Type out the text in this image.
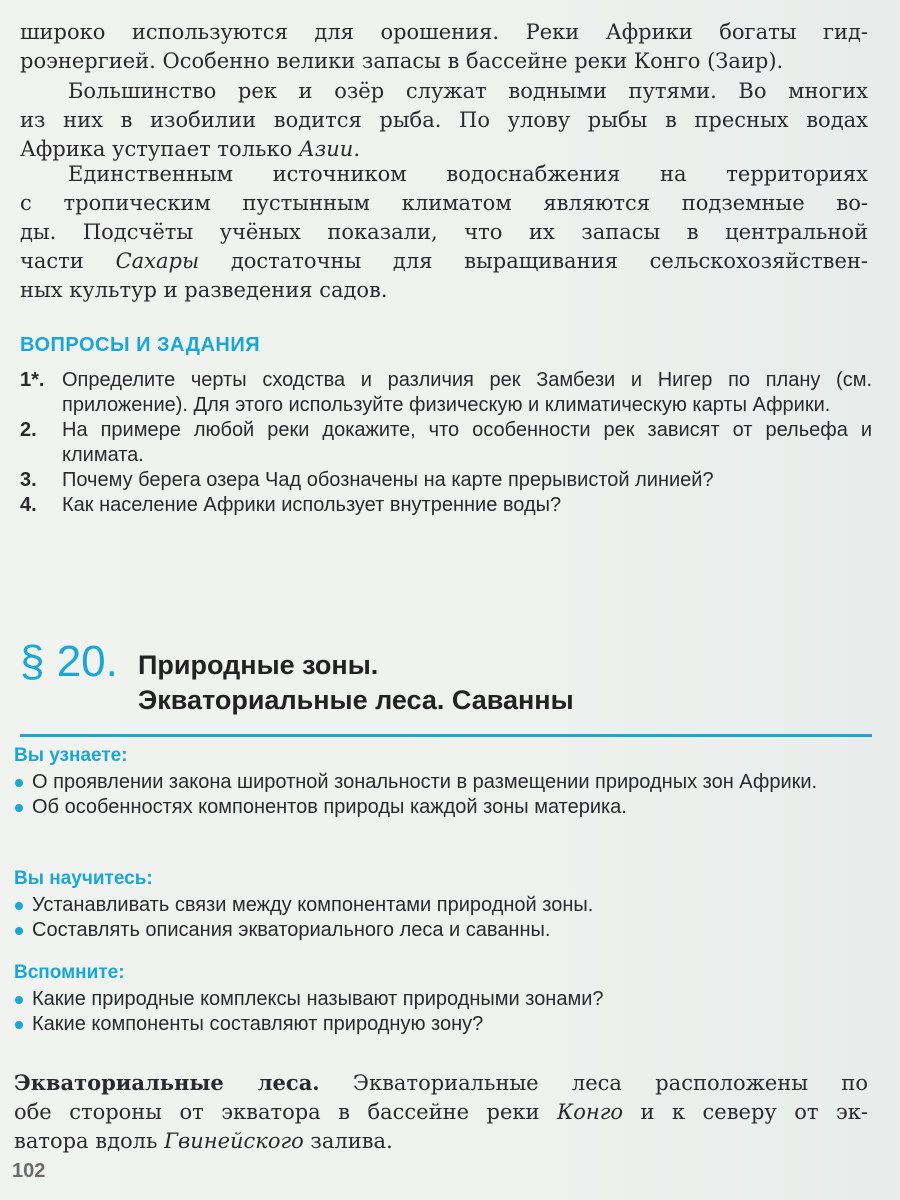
широко используются для орошения. Реки Африки богаты гид-
роэнергией. Особенно велики запасы в бассейне реки Конго (Заир).
Большинство рек и озёр служат водными путями. Во многих
из них в изобилии водится рыба. По улову рыбы в пресных водах
Африка уступает только Азии.
Единственным источником водоснабжения на территориях
с тропическим пустынным климатом являются подземные во-
ды. Подсчёты учёных показали, что их запасы в центральной
части Сахары достаточны для выращивания сельскохозяйствен-
ных культур и разведения садов.
ВОПРОСЫ И ЗАДАНИЯ
1*. Определите черты сходства и различия рек Замбези и Нигер по плану (см. приложение). Для этого используйте физическую и климатическую карты Африки.
2. На примере любой реки докажите, что особенности рек зависят от рельефа и климата.
3. Почему берега озера Чад обозначены на карте прерывистой линией?
4. Как население Африки использует внутренние воды?
§ 20. Природные зоны.
Экваториальные леса. Саванны
Вы узнаете:
О проявлении закона широтной зональности в размещении природных зон Африки.
Об особенностях компонентов природы каждой зоны материка.
Вы научитесь:
Устанавливать связи между компонентами природной зоны.
Составлять описания экваториального леса и саванны.
Вспомните:
Какие природные комплексы называют природными зонами?
Какие компоненты составляют природную зону?
Экваториальные леса. Экваториальные леса расположены по
обе стороны от экватора в бассейне реки Конго и к северу от эк-
ватора вдоль Гвинейского залива.
102
